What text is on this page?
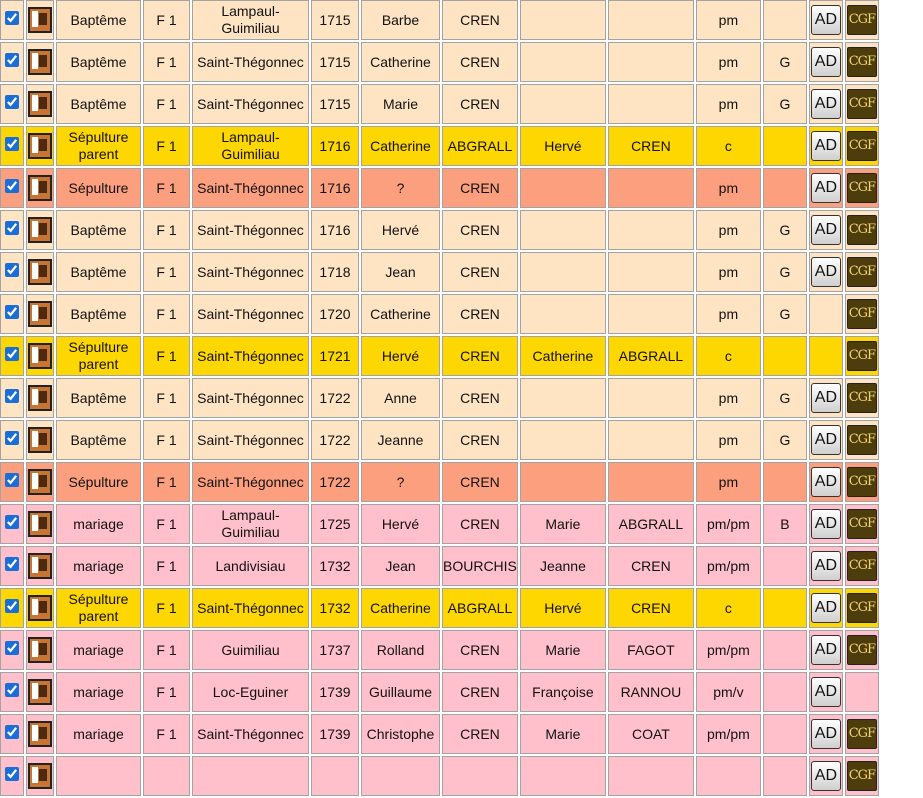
		Baptême	F 1	Lampaul-Guimiliau	1715	Barbe	CREN			pm		AD	CGF
		Baptême	F 1	Saint-Thégonnec	1715	Catherine	CREN			pm	G	AD	CGF
		Baptême	F 1	Saint-Thégonnec	1715	Marie	CREN			pm	G	AD	CGF
		Sépulture parent	F 1	Lampaul-Guimiliau	1716	Catherine	ABGRALL	Hervé	CREN	c		AD	CGF
		Sépulture	F 1	Saint-Thégonnec	1716	?	CREN			pm		AD	CGF
		Baptême	F 1	Saint-Thégonnec	1716	Hervé	CREN			pm	G	AD	CGF
		Baptême	F 1	Saint-Thégonnec	1718	Jean	CREN			pm	G	AD	CGF
		Baptême	F 1	Saint-Thégonnec	1720	Catherine	CREN			pm	G		CGF
		Sépulture parent	F 1	Saint-Thégonnec	1721	Hervé	CREN	Catherine	ABGRALL	c			CGF
		Baptême	F 1	Saint-Thégonnec	1722	Anne	CREN			pm	G	AD	CGF
		Baptême	F 1	Saint-Thégonnec	1722	Jeanne	CREN			pm	G	AD	CGF
		Sépulture	F 1	Saint-Thégonnec	1722	?	CREN			pm		AD	CGF
		mariage	F 1	Lampaul-Guimiliau	1725	Hervé	CREN	Marie	ABGRALL	pm/pm	B	AD	CGF
		mariage	F 1	Landivisiau	1732	Jean	BOURCHIS	Jeanne	CREN	pm/pm		AD	CGF
		Sépulture parent	F 1	Saint-Thégonnec	1732	Catherine	ABGRALL	Hervé	CREN	c		AD	CGF
		mariage	F 1	Guimiliau	1737	Rolland	CREN	Marie	FAGOT	pm/pm		AD	CGF
		mariage	F 1	Loc-Eguiner	1739	Guillaume	CREN	Françoise	RANNOU	pm/v		AD	
		mariage	F 1	Saint-Thégonnec	1739	Christophe	CREN	Marie	COAT	pm/pm		AD	CGF
												AD	CGF
